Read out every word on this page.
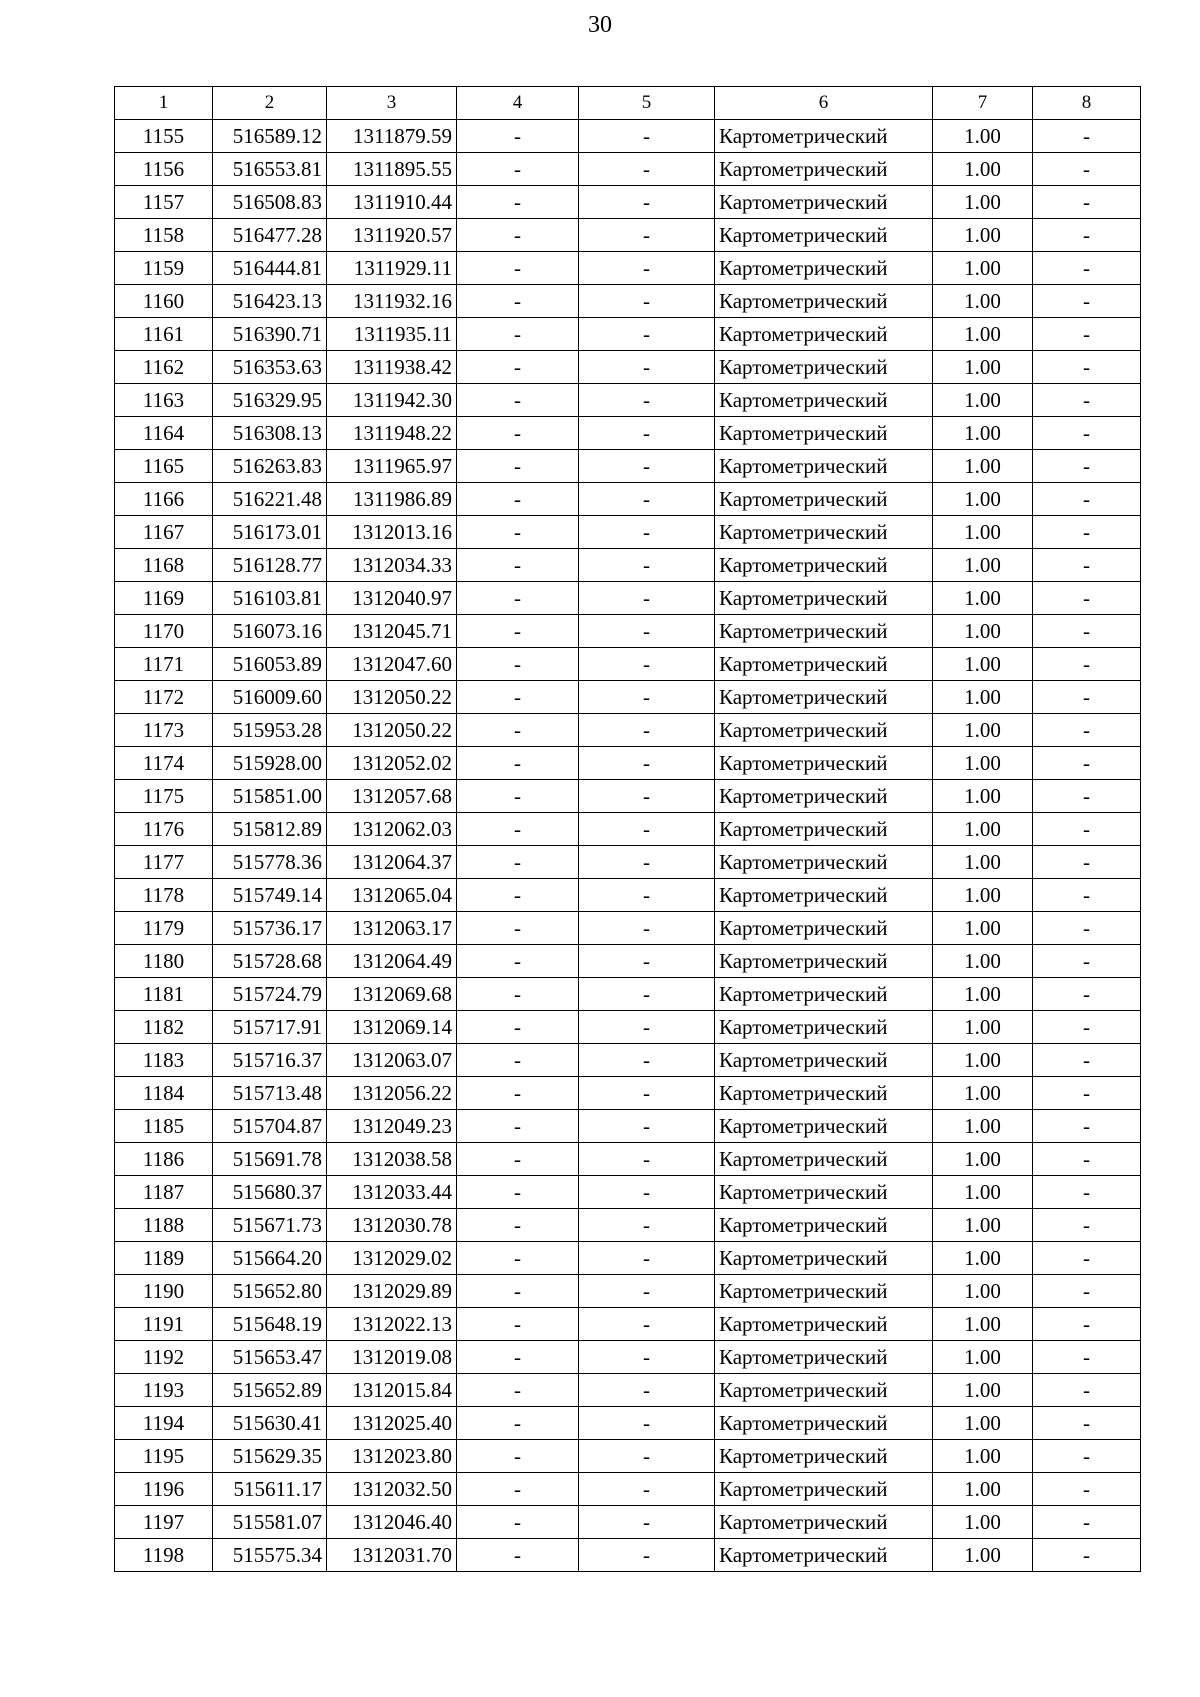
30
1	2	3	4	5	6	7	8
1155	516589.12	1311879.59	-	-	Картометрический	1.00	-
1156	516553.81	1311895.55	-	-	Картометрический	1.00	-
1157	516508.83	1311910.44	-	-	Картометрический	1.00	-
1158	516477.28	1311920.57	-	-	Картометрический	1.00	-
1159	516444.81	1311929.11	-	-	Картометрический	1.00	-
1160	516423.13	1311932.16	-	-	Картометрический	1.00	-
1161	516390.71	1311935.11	-	-	Картометрический	1.00	-
1162	516353.63	1311938.42	-	-	Картометрический	1.00	-
1163	516329.95	1311942.30	-	-	Картометрический	1.00	-
1164	516308.13	1311948.22	-	-	Картометрический	1.00	-
1165	516263.83	1311965.97	-	-	Картометрический	1.00	-
1166	516221.48	1311986.89	-	-	Картометрический	1.00	-
1167	516173.01	1312013.16	-	-	Картометрический	1.00	-
1168	516128.77	1312034.33	-	-	Картометрический	1.00	-
1169	516103.81	1312040.97	-	-	Картометрический	1.00	-
1170	516073.16	1312045.71	-	-	Картометрический	1.00	-
1171	516053.89	1312047.60	-	-	Картометрический	1.00	-
1172	516009.60	1312050.22	-	-	Картометрический	1.00	-
1173	515953.28	1312050.22	-	-	Картометрический	1.00	-
1174	515928.00	1312052.02	-	-	Картометрический	1.00	-
1175	515851.00	1312057.68	-	-	Картометрический	1.00	-
1176	515812.89	1312062.03	-	-	Картометрический	1.00	-
1177	515778.36	1312064.37	-	-	Картометрический	1.00	-
1178	515749.14	1312065.04	-	-	Картометрический	1.00	-
1179	515736.17	1312063.17	-	-	Картометрический	1.00	-
1180	515728.68	1312064.49	-	-	Картометрический	1.00	-
1181	515724.79	1312069.68	-	-	Картометрический	1.00	-
1182	515717.91	1312069.14	-	-	Картометрический	1.00	-
1183	515716.37	1312063.07	-	-	Картометрический	1.00	-
1184	515713.48	1312056.22	-	-	Картометрический	1.00	-
1185	515704.87	1312049.23	-	-	Картометрический	1.00	-
1186	515691.78	1312038.58	-	-	Картометрический	1.00	-
1187	515680.37	1312033.44	-	-	Картометрический	1.00	-
1188	515671.73	1312030.78	-	-	Картометрический	1.00	-
1189	515664.20	1312029.02	-	-	Картометрический	1.00	-
1190	515652.80	1312029.89	-	-	Картометрический	1.00	-
1191	515648.19	1312022.13	-	-	Картометрический	1.00	-
1192	515653.47	1312019.08	-	-	Картометрический	1.00	-
1193	515652.89	1312015.84	-	-	Картометрический	1.00	-
1194	515630.41	1312025.40	-	-	Картометрический	1.00	-
1195	515629.35	1312023.80	-	-	Картометрический	1.00	-
1196	515611.17	1312032.50	-	-	Картометрический	1.00	-
1197	515581.07	1312046.40	-	-	Картометрический	1.00	-
1198	515575.34	1312031.70	-	-	Картометрический	1.00	-
